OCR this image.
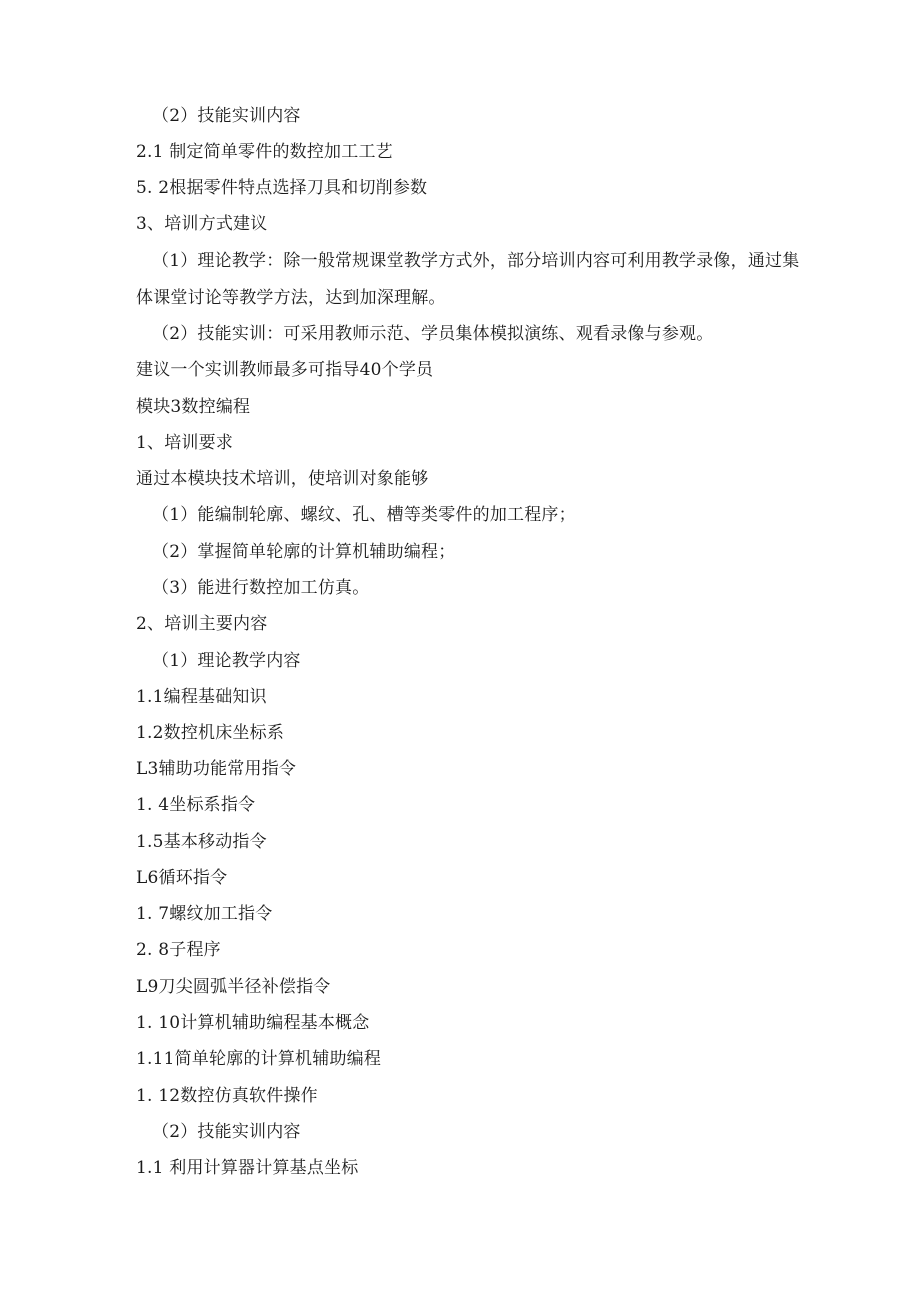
（2）技能实训内容
2.1 制定简单零件的数控加工工艺
5. 2根据零件特点选择刀具和切削参数
3、培训方式建议
（1）理论教学：除一般常规课堂教学方式外，部分培训内容可利用教学录像，通过集体课堂讨论等教学方法，达到加深理解。
（2）技能实训：可采用教师示范、学员集体模拟演练、观看录像与参观。
建议一个实训教师最多可指导40个学员
模块3数控编程
1、培训要求
通过本模块技术培训，使培训对象能够
（1）能编制轮廓、螺纹、孔、槽等类零件的加工程序；
（2）掌握简单轮廓的计算机辅助编程；
（3）能进行数控加工仿真。
2、培训主要内容
（1）理论教学内容
1.1编程基础知识
1.2数控机床坐标系
L3辅助功能常用指令
1. 4坐标系指令
1.5基本移动指令
L6循环指令
1. 7螺纹加工指令
2. 8子程序
L9刀尖圆弧半径补偿指令
1. 10计算机辅助编程基本概念
1.11简单轮廓的计算机辅助编程
1. 12数控仿真软件操作
（2）技能实训内容
1.1 利用计算器计算基点坐标
